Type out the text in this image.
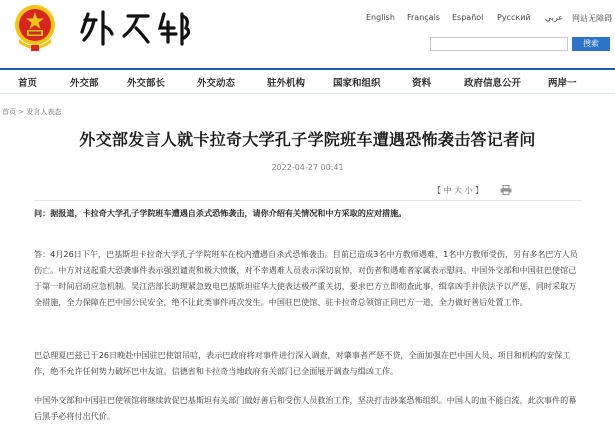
English Français Español Русский عربي 网站无障碍
搜索
首页	外交部	外交部长	外交动态	驻外机构	国家和组织	资料	政府信息公开	两岸一
首页 > 发言人表态
外交部发言人就卡拉奇大学孔子学院班车遭遇恐怖袭击答记者问
2022-04-27 00:41
【 中 大 小 】

问：据报道，卡拉奇大学孔子学院班车遭遇自杀式恐怖袭击，请你介绍有关情况和中方采取的应对措施。

答：4月26日下午，巴基斯坦卡拉奇大学孔子学院班车在校内遭遇自杀式恐怖袭击。目前已造成3名中方教师遇难，1名中方教师受伤，另有多名巴方人员伤亡。中方对这起重大恐袭事件表示强烈谴责和极大愤慨，对不幸遇难人员表示深切哀悼，对伤者和遇难者家属表示慰问。中国外交部和中国驻巴使馆已于第一时间启动应急机制。吴江浩部长助理紧急致电巴基斯坦驻华大使表达极严重关切，要求巴方立即彻查此事，缉拿凶手并依法予以严惩，同时采取万全措施，全力保障在巴中国公民安全，绝不让此类事件再次发生。中国驻巴使馆、驻卡拉奇总领馆正同巴方一道，全力做好善后处置工作。

巴总理夏巴兹已于26日晚赴中国驻巴使馆吊唁，表示巴政府将对事件进行深入调查，对肇事者严惩不贷，全面加强在巴中国人员、项目和机构的安保工作，绝不允许任何势力破坏巴中友谊。信德省和卡拉奇当地政府有关部门已全面展开调查与缉凶工作。

中国外交部和中国驻巴使领馆将继续敦促巴基斯坦有关部门做好善后和受伤人员救治工作，坚决打击涉案恐怖组织。中国人的血不能白流，此次事件的幕后黑手必将付出代价。
